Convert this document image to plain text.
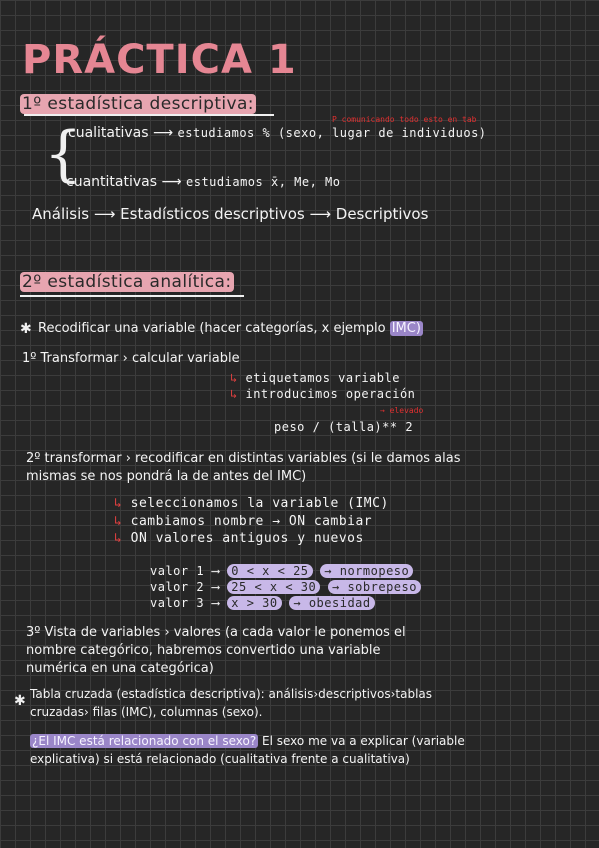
PRÁCTICA 1
1º estadística descriptiva:
P comunicando todo esto en tab
{
cualitativas ⟶ estudiamos % (sexo, lugar de individuos)
cuantitativas ⟶ estudiamos x̄, Me, Mo
Análisis ⟶ Estadísticos descriptivos ⟶ Descriptivos
2º estadística analítica:
✱ Recodificar una variable (hacer categorías, x ejemplo IMC)
1º Transformar › calcular variable
↳ etiquetamos variable
↳ introducimos operación
→ elevado
peso / (talla)** 2
2º transformar › recodificar en distintas variables (si le damos alas
mismas se nos pondrá la de antes del IMC)
↳ seleccionamos la variable (IMC)
↳ cambiamos nombre → ON cambiar
↳ ON valores antiguos y nuevos
valor 1 ⟶ 0 < x < 25 → normopeso
valor 2 ⟶ 25 < x < 30 → sobrepeso
valor 3 ⟶ x > 30 → obesidad
3º Vista de variables › valores (a cada valor le ponemos el
nombre categórico, habremos convertido una variable
numérica en una categórica)
✱ Tabla cruzada (estadística descriptiva): análisis›descriptivos›tablas
cruzadas› filas (IMC), columnas (sexo).
¿El IMC está relacionado con el sexo? El sexo me va a explicar (variable
explicativa) si está relacionado (cualitativa frente a cualitativa)
